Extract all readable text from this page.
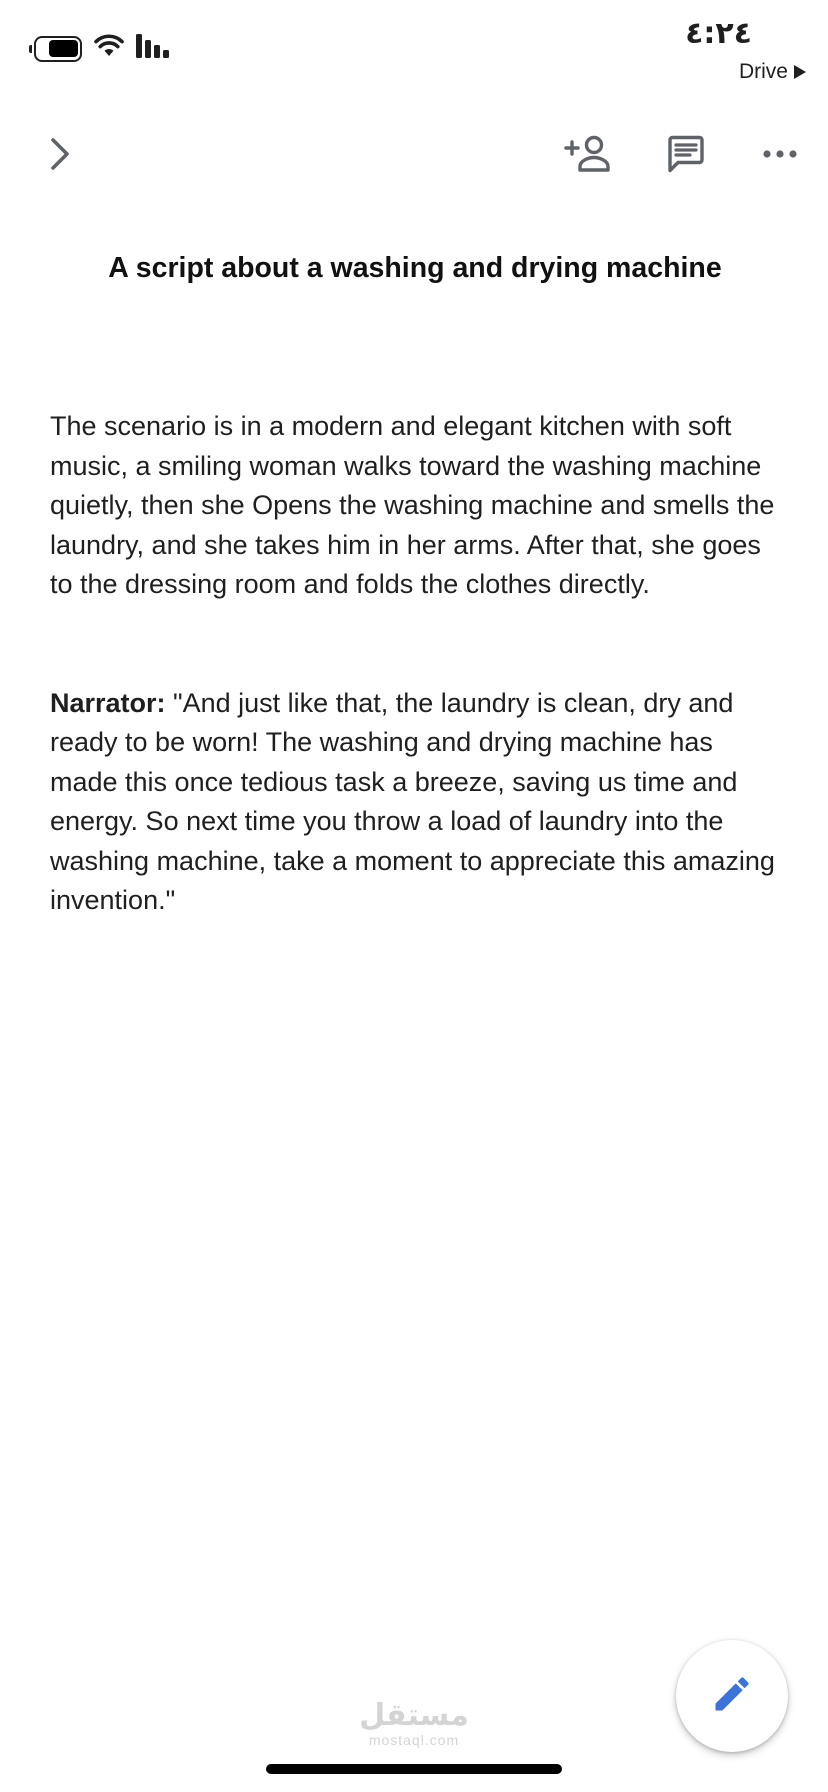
٤:٢٤
Drive
A script about a washing and drying machine

The scenario is in a modern and elegant kitchen with soft music, a smiling woman walks toward the washing machine quietly, then she Opens the washing machine and smells the laundry, and she takes him in her arms. After that, she goes to the dressing room and folds the clothes directly.

Narrator: "And just like that, the laundry is clean, dry and ready to be worn! The washing and drying machine has made this once tedious task a breeze, saving us time and energy. So next time you throw a load of laundry into the washing machine, take a moment to appreciate this amazing invention."

مستقل
mostaql.com
